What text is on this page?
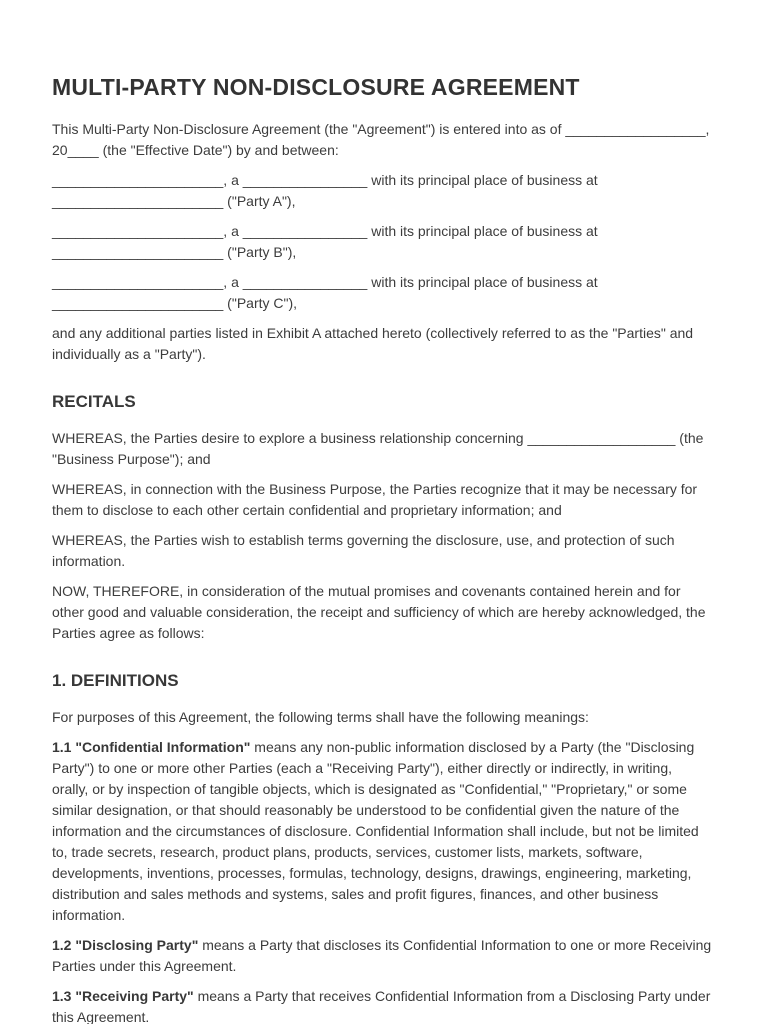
MULTI-PARTY NON-DISCLOSURE AGREEMENT

This Multi-Party Non-Disclosure Agreement (the "Agreement") is entered into as of __________________, 20____ (the "Effective Date") by and between:

______________________, a ________________ with its principal place of business at ______________________ ("Party A"),

______________________, a ________________ with its principal place of business at ______________________ ("Party B"),

______________________, a ________________ with its principal place of business at ______________________ ("Party C"),

and any additional parties listed in Exhibit A attached hereto (collectively referred to as the "Parties" and individually as a "Party").

RECITALS

WHEREAS, the Parties desire to explore a business relationship concerning ___________________ (the "Business Purpose"); and

WHEREAS, in connection with the Business Purpose, the Parties recognize that it may be necessary for them to disclose to each other certain confidential and proprietary information; and

WHEREAS, the Parties wish to establish terms governing the disclosure, use, and protection of such information.

NOW, THEREFORE, in consideration of the mutual promises and covenants contained herein and for other good and valuable consideration, the receipt and sufficiency of which are hereby acknowledged, the Parties agree as follows:

1. DEFINITIONS

For purposes of this Agreement, the following terms shall have the following meanings:

1.1 "Confidential Information" means any non-public information disclosed by a Party (the "Disclosing Party") to one or more other Parties (each a "Receiving Party"), either directly or indirectly, in writing, orally, or by inspection of tangible objects, which is designated as "Confidential," "Proprietary," or some similar designation, or that should reasonably be understood to be confidential given the nature of the information and the circumstances of disclosure. Confidential Information shall include, but not be limited to, trade secrets, research, product plans, products, services, customer lists, markets, software, developments, inventions, processes, formulas, technology, designs, drawings, engineering, marketing, distribution and sales methods and systems, sales and profit figures, finances, and other business information.

1.2 "Disclosing Party" means a Party that discloses its Confidential Information to one or more Receiving Parties under this Agreement.

1.3 "Receiving Party" means a Party that receives Confidential Information from a Disclosing Party under this Agreement.
